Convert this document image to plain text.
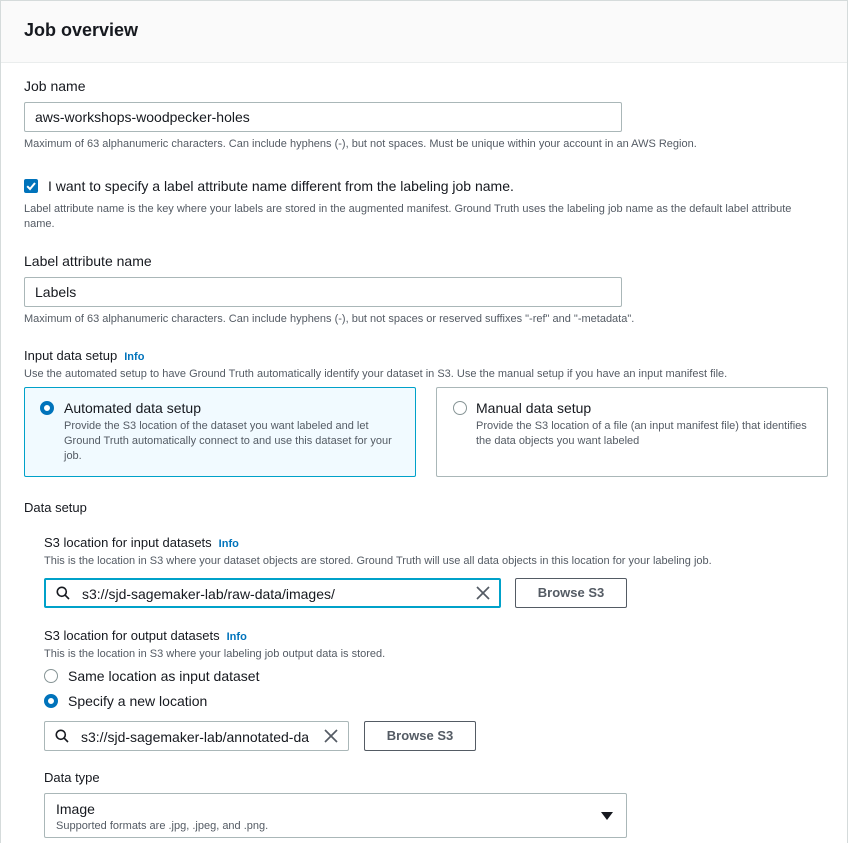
Job overview
Job name
aws-workshops-woodpecker-holes
Maximum of 63 alphanumeric characters. Can include hyphens (-), but not spaces. Must be unique within your account in an AWS Region.
I want to specify a label attribute name different from the labeling job name.
Label attribute name is the key where your labels are stored in the augmented manifest. Ground Truth uses the labeling job name as the default label attribute name.
Label attribute name
Labels
Maximum of 63 alphanumeric characters. Can include hyphens (-), but not spaces or reserved suffixes "-ref" and "-metadata".
Input data setup Info
Use the automated setup to have Ground Truth automatically identify your dataset in S3. Use the manual setup if you have an input manifest file.
Automated data setup
Provide the S3 location of the dataset you want labeled and let Ground Truth automatically connect to and use this dataset for your job.
Manual data setup
Provide the S3 location of a file (an input manifest file) that identifies the data objects you want labeled
Data setup
S3 location for input datasets Info
This is the location in S3 where your dataset objects are stored. Ground Truth will use all data objects in this location for your labeling job.
s3://sjd-sagemaker-lab/raw-data/images/	Browse S3
S3 location for output datasets Info
This is the location in S3 where your labeling job output data is stored.
Same location as input dataset
Specify a new location
s3://sjd-sagemaker-lab/annotated-da	Browse S3
Data type
Image
Supported formats are .jpg, .jpeg, and .png.
